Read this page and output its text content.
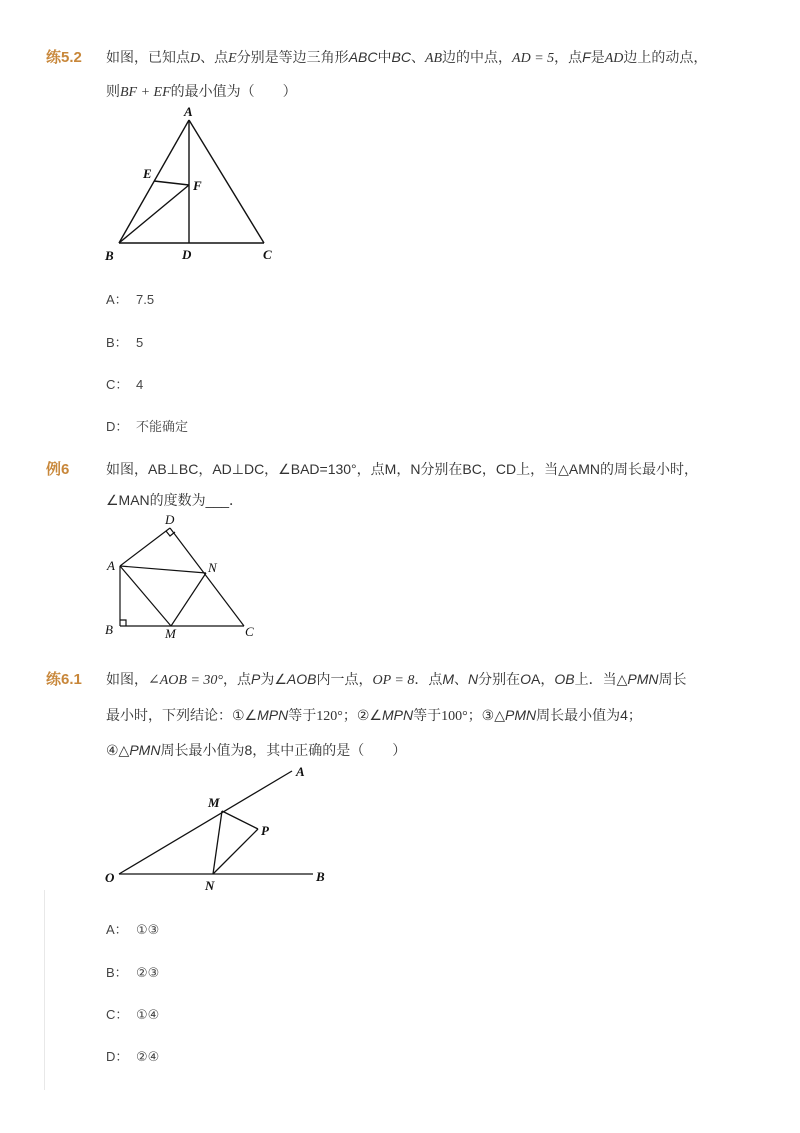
练5.2 如图，已知点D、点E分别是等边三角形ABC中BC、AB边的中点，AD = 5，点F是AD边上的动点，
则BF + EF的最小值为（　　）
A
E
F
B	D	C
A： 7.5
B： 5
C： 4
D： 不能确定
例6	如图，AB⊥BC，AD⊥DC，∠BAD=130°，点M，N分别在BC，CD上，当△AMN的周长最小时，
∠MAN的度数为___．
D
A	N
B	M	C
练6.1 如图，∠AOB = 30°，点P为∠AOB内一点，OP = 8．点M、N分别在OA，OB上．当△PMN周长
最小时，下列结论：①∠MPN等于120°；②∠MPN等于100°；③△PMN周长最小值为4；
④△PMN周长最小值为8，其中正确的是（　　）
A
M
P
O
N
B
A： ①③
B： ②③
C： ①④
D： ②④
